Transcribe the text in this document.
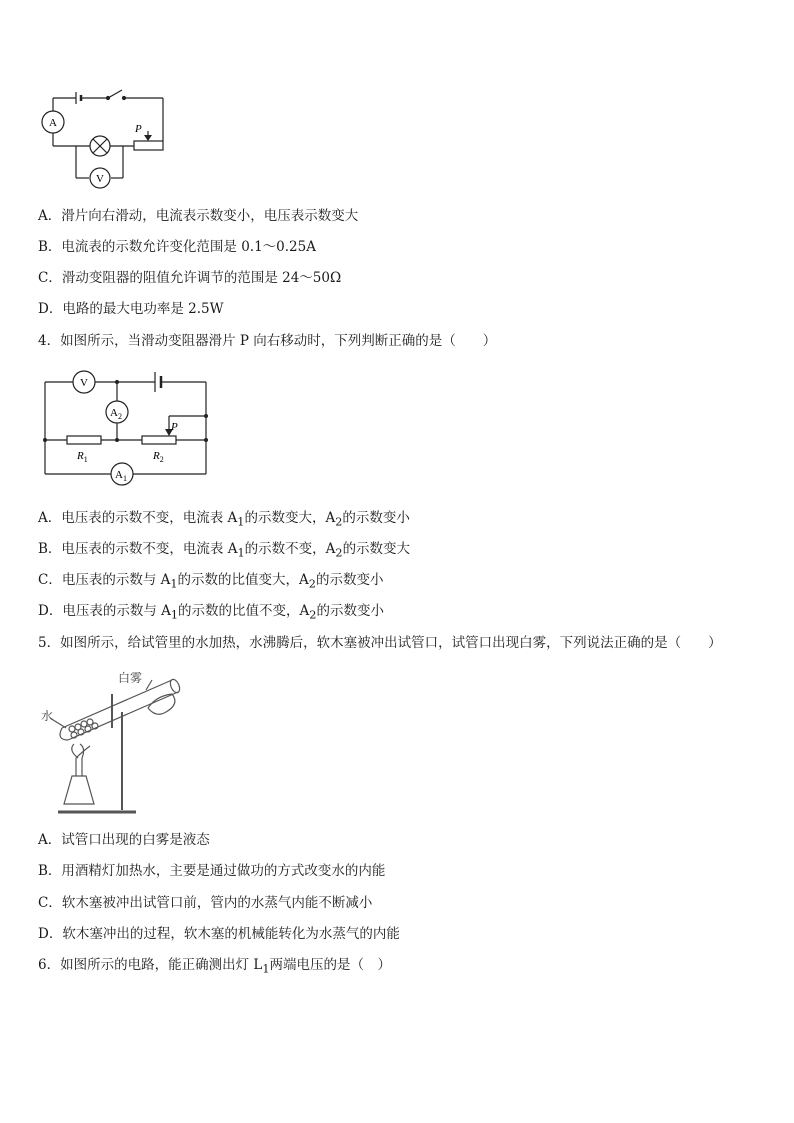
A
V
P
A．滑片向右滑动，电流表示数变小，电压表示数变大
B．电流表的示数允许变化范围是 0.1～0.25A
C．滑动变阻器的阻值允许调节的范围是 24～50Ω
D．电路的最大电功率是 2.5W
4．如图所示，当滑动变阻器滑片 P 向右移动时，下列判断正确的是（　　）
V
$A_2$
$A_1$
$R_1$	$R_2$
P
A．电压表的示数不变，电流表 $A_1$的示数变大，$A_2$的示数变小
B．电压表的示数不变，电流表 $A_1$的示数不变，$A_2$的示数变大
C．电压表的示数与 $A_1$的示数的比值变大，$A_2$的示数变小
D．电压表的示数与 $A_1$的示数的比值不变，$A_2$的示数变小
5．如图所示，给试管里的水加热，水沸腾后，软木塞被冲出试管口，试管口出现白雾，下列说法正确的是（　　）
白雾
水
A．试管口出现的白雾是液态
B．用酒精灯加热水，主要是通过做功的方式改变水的内能
C．软木塞被冲出试管口前，管内的水蒸气内能不断减小
D．软木塞冲出的过程，软木塞的机械能转化为水蒸气的内能
6．如图所示的电路，能正确测出灯 $L_1$两端电压的是（　）
